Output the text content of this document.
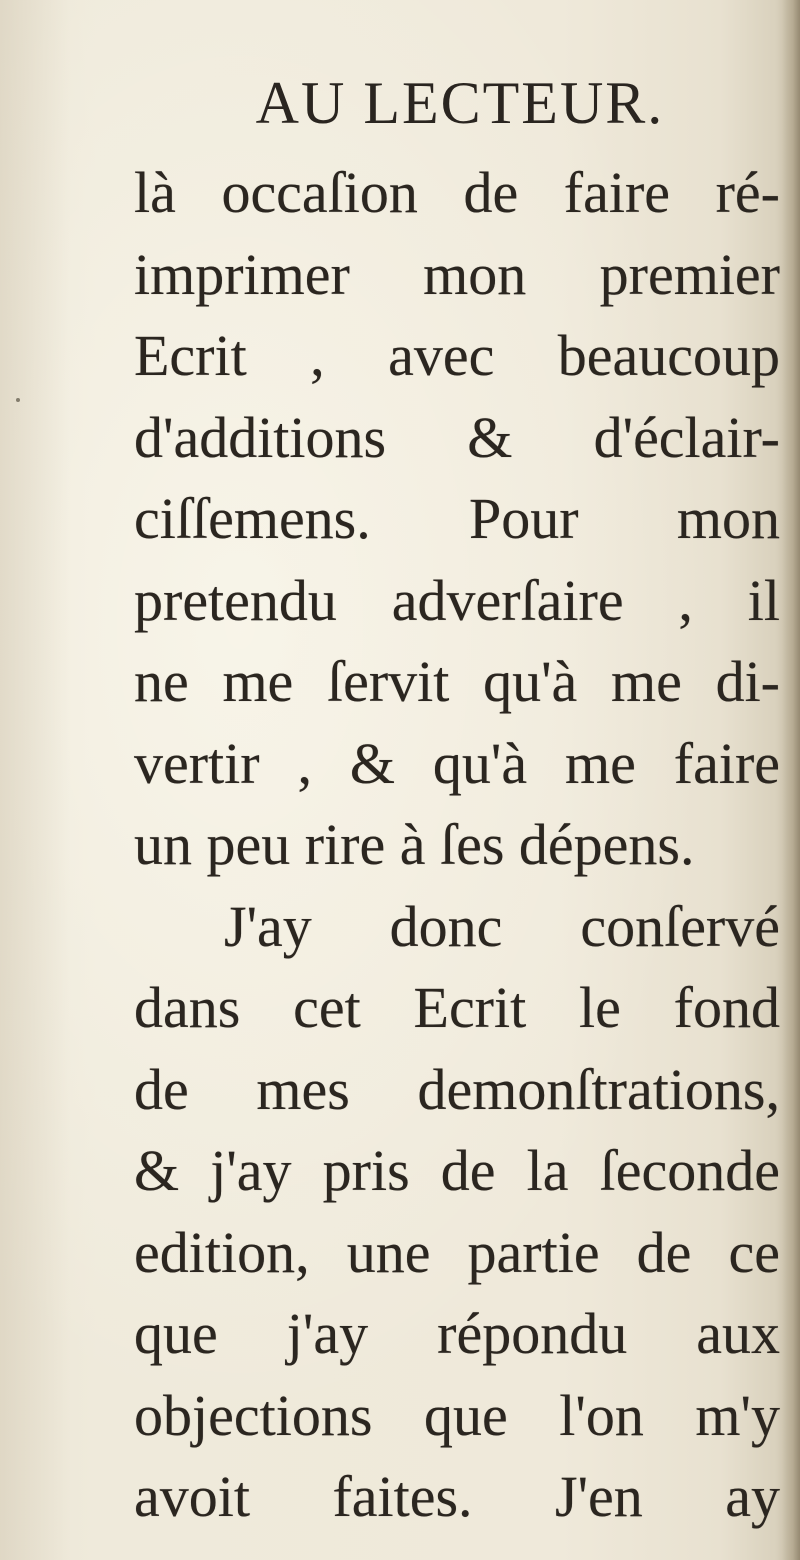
AU LECTEUR.
là occaſion de faire ré-
imprimer mon premier
Ecrit , avec beaucoup
d'additions & d'éclair-
ciſſemens. Pour mon
pretendu adverſaire , il
ne me ſervit qu'à me di-
vertir , & qu'à me faire
un peu rire à ſes dépens.
J'ay donc conſervé
dans cet Ecrit le fond
de mes demonſtrations,
& j'ay pris de la ſeconde
edition, une partie de ce
que j'ay répondu aux
objections que l'on m'y
avoit faites. J'en ay
